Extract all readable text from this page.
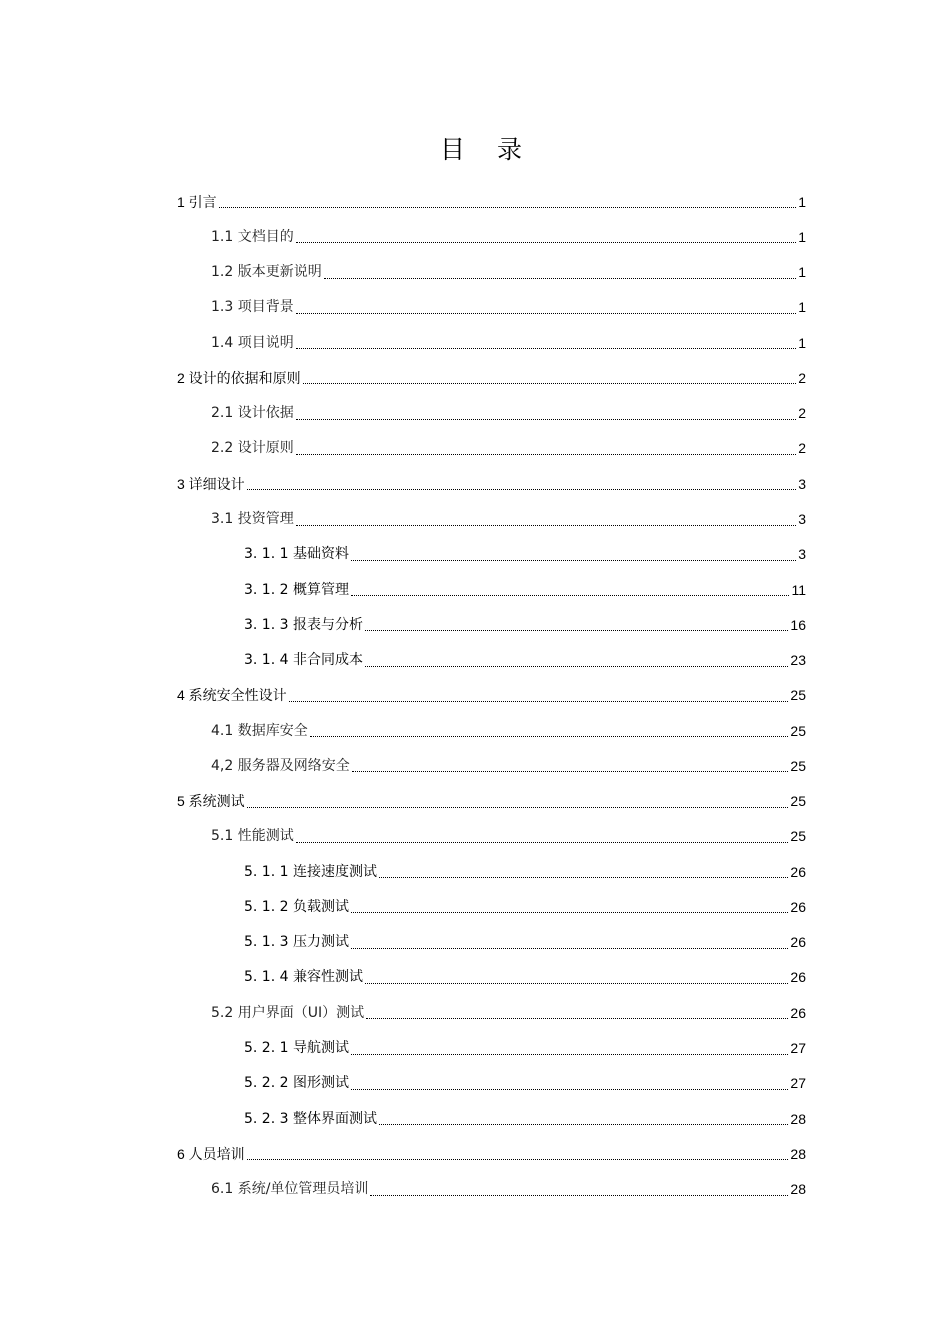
目 录
1 引言	1
1.1 文档目的	1
1.2 版本更新说明	1
1.3 项目背景	1
1.4 项目说明	1
2 设计的依据和原则	2
2.1 设计依据	2
2.2 设计原则	2
3 详细设计	3
3.1 投资管理	3
3. 1. 1 基础资料	3
3. 1. 2 概算管理	11
3. 1. 3 报表与分析	16
3. 1. 4 非合同成本	23
4 系统安全性设计	25
4.1 数据库安全	25
4,2 服务器及网络安全	25
5 系统测试	25
5.1 性能测试	25
5. 1. 1 连接速度测试	26
5. 1. 2 负载测试	26
5. 1. 3 压力测试	26
5. 1. 4 兼容性测试	26
5.2 用户界面（UI）测试	26
5. 2. 1 导航测试	27
5. 2. 2 图形测试	27
5. 2. 3 整体界面测试	28
6 人员培训	28
6.1 系统/单位管理员培训	28
